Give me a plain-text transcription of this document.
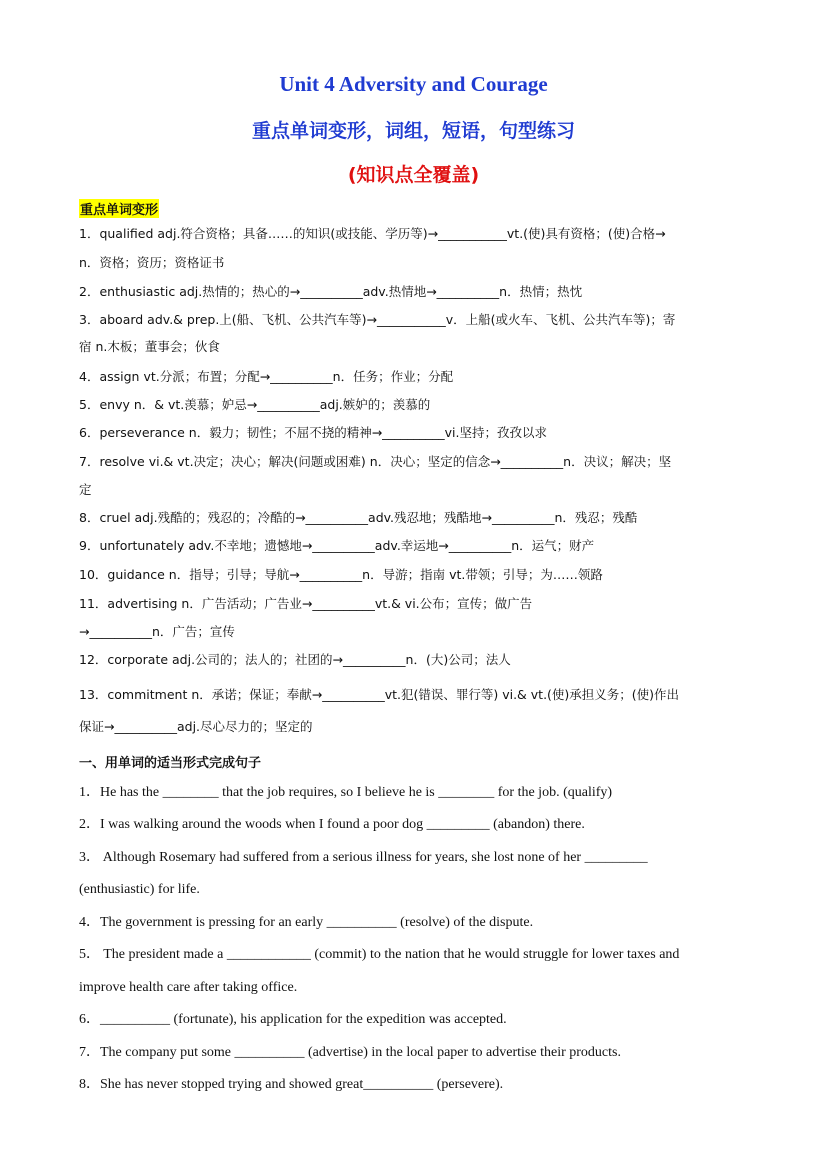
Unit 4 Adversity and Courage
重点单词变形，词组，短语，句型练习
(知识点全覆盖)
重点单词变形
1．qualified adj.符合资格；具备……的知识(或技能、学历等)→___________vt.(使)具有资格；(使)合格→
n．资格；资历；资格证书
2．enthusiastic adj.热情的；热心的→__________adv.热情地→__________n．热情；热忱
3．aboard adv.& prep.上(船、飞机、公共汽车等)→___________v．上船(或火车、飞机、公共汽车等)；寄
宿 n.木板；董事会；伙食
4．assign vt.分派；布置；分配→__________n．任务；作业；分配
5．envy n．& vt.羡慕；妒忌→__________adj.嫉妒的；羡慕的
6．perseverance n．毅力；韧性；不屈不挠的精神→__________vi.坚持；孜孜以求
7．resolve vi.& vt.决定；决心；解决(问题或困难) n．决心；坚定的信念→__________n．决议；解决；坚
定
8．cruel adj.残酷的；残忍的；冷酷的→__________adv.残忍地；残酷地→__________n．残忍；残酷
9．unfortunately adv.不幸地；遗憾地→__________adv.幸运地→__________n．运气；财产
10．guidance n．指导；引导；导航→__________n．导游；指南 vt.带领；引导；为……领路
11．advertising n．广告活动；广告业→__________vt.& vi.公布；宣传；做广告
→__________n．广告；宣传
12．corporate adj.公司的；法人的；社团的→__________n．(大)公司；法人
13．commitment n．承诺；保证；奉献→__________vt.犯(错误、罪行等) vi.& vt.(使)承担义务；(使)作出
保证→__________adj.尽心尽力的；坚定的
一、用单词的适当形式完成句子
1．He has the ________ that the job requires, so I believe he is ________ for the job. (qualify)
2．I was walking around the woods when I found a poor dog _________ (abandon) there.
3． Although Rosemary had suffered from a serious illness for years, she lost none of her _________
(enthusiastic) for life.
4．The government is pressing for an early __________ (resolve) of the dispute.
5． The president made a ____________ (commit) to the nation that he would struggle for lower taxes and
improve health care after taking office.
6．__________ (fortunate), his application for the expedition was accepted.
7．The company put some __________ (advertise) in the local paper to advertise their products.
8．She has never stopped trying and showed great__________ (persevere).
